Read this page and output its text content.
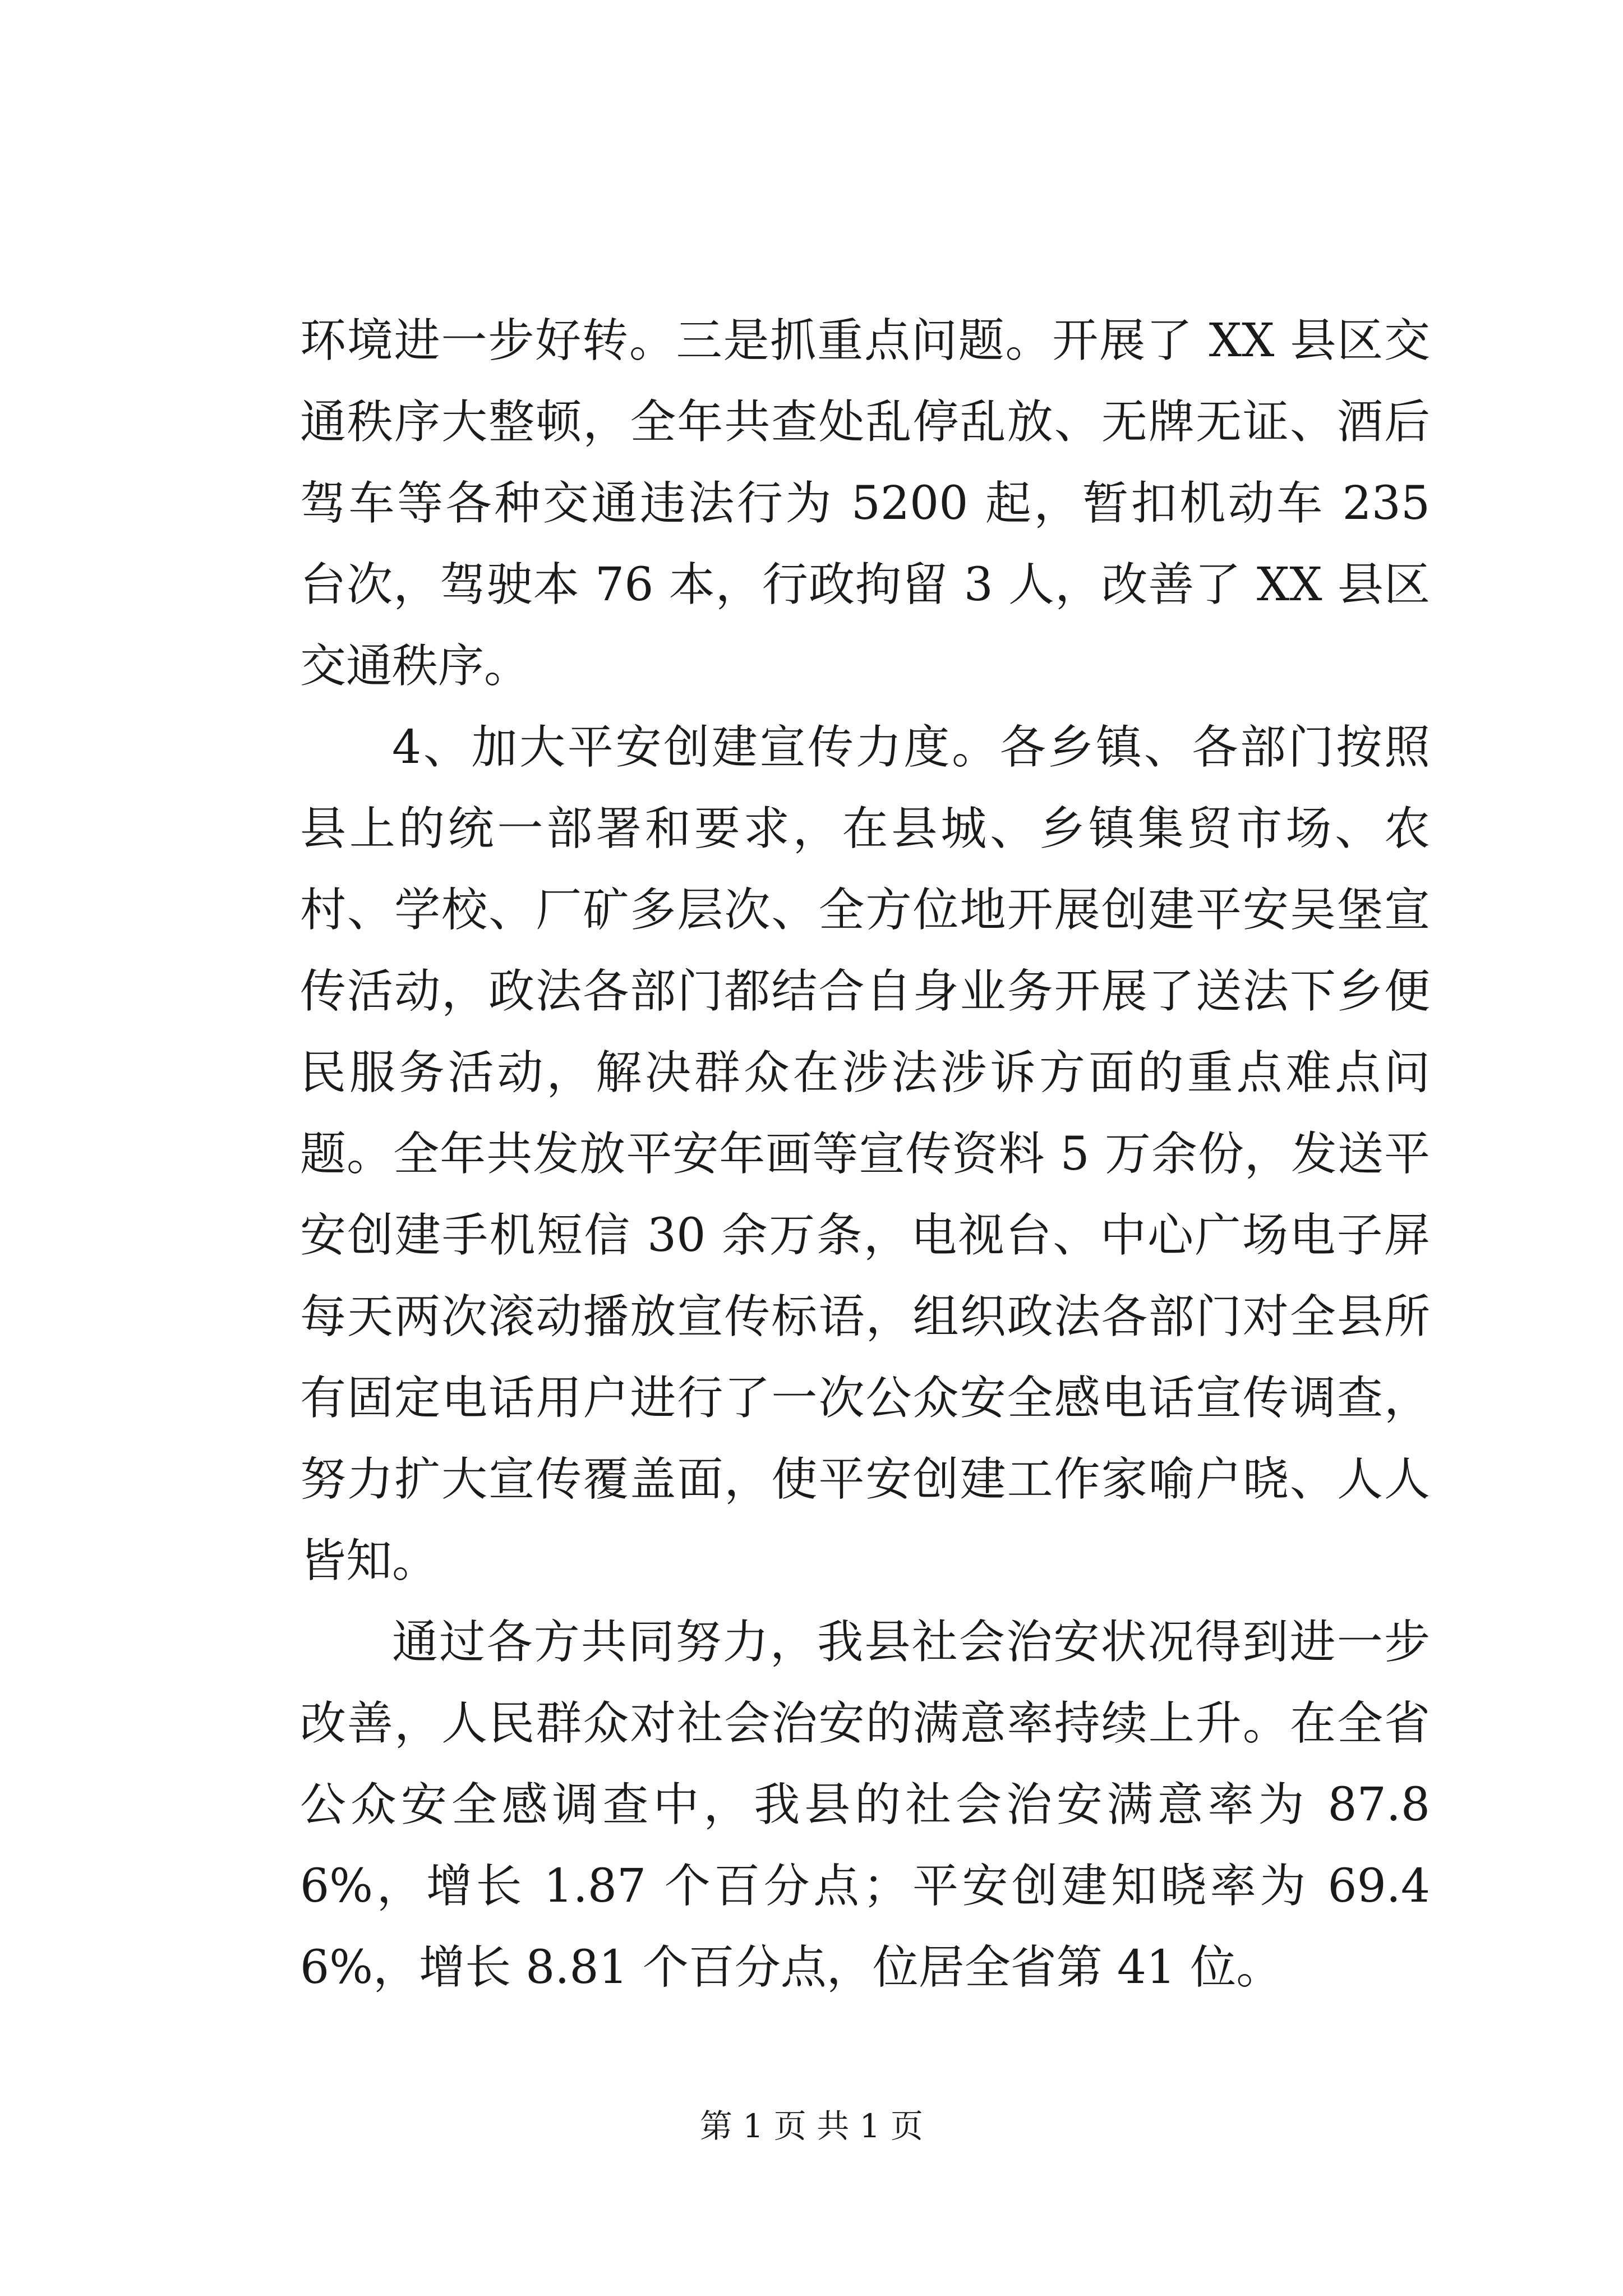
环境进一步好转。三是抓重点问题。开展了 XX 县区交通秩序大整顿，全年共查处乱停乱放、无牌无证、酒后驾车等各种交通违法行为 5200 起，暂扣机动车 235 台次，驾驶本 76 本，行政拘留 3 人，改善了 XX 县区交通秩序。

4、加大平安创建宣传力度。各乡镇、各部门按照县上的统一部署和要求，在县城、乡镇集贸市场、农村、学校、厂矿多层次、全方位地开展创建平安吴堡宣传活动，政法各部门都结合自身业务开展了送法下乡便民服务活动，解决群众在涉法涉诉方面的重点难点问题。全年共发放平安年画等宣传资料 5 万余份，发送平安创建手机短信 30 余万条，电视台、中心广场电子屏每天两次滚动播放宣传标语，组织政法各部门对全县所有固定电话用户进行了一次公众安全感电话宣传调查，努力扩大宣传覆盖面，使平安创建工作家喻户晓、人人皆知。

通过各方共同努力，我县社会治安状况得到进一步改善，人民群众对社会治安的满意率持续上升。在全省公众安全感调查中，我县的社会治安满意率为 87.86%，增长 1.87 个百分点；平安创建知晓率为 69.46%，增长 8.81 个百分点，位居全省第 41 位。

第 1 页 共 1 页
